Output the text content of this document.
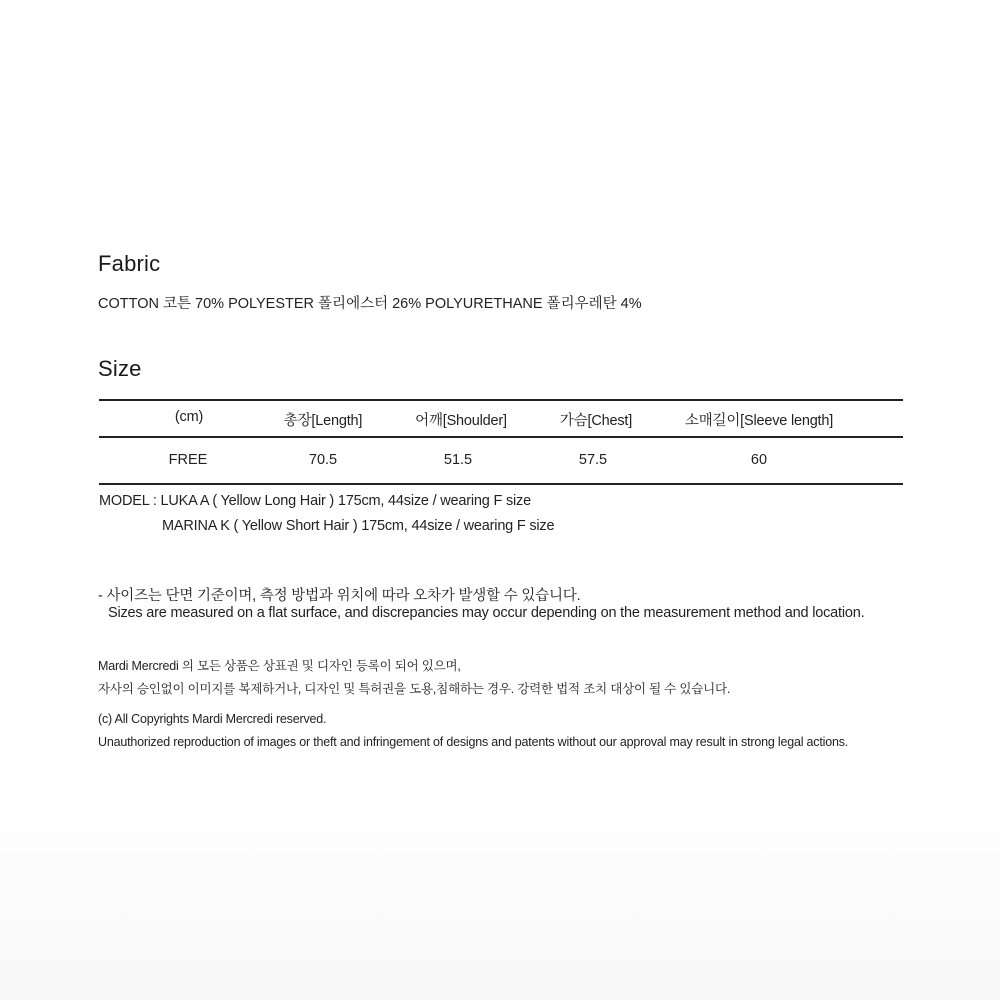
Fabric
COTTON 코튼 70% POLYESTER 폴리에스터 26% POLYURETHANE 폴리우레탄 4%
Size
(cm)	총장[Length]	어깨[Shoulder]	가슴[Chest]	소매길이[Sleeve length]
FREE	70.5	51.5	57.5	60
MODEL : LUKA A ( Yellow Long Hair ) 175cm, 44size / wearing F size
MARINA K ( Yellow Short Hair ) 175cm, 44size / wearing F size
- 사이즈는 단면 기준이며, 측정 방법과 위치에 따라 오차가 발생할 수 있습니다.
Sizes are measured on a flat surface, and discrepancies may occur depending on the measurement method and location.
Mardi Mercredi 의 모든 상품은 상표권 및 디자인 등록이 되어 있으며,
자사의 승인없이 이미지를 복제하거나, 디자인 및 특허권을 도용,침해하는 경우. 강력한 법적 조치 대상이 될 수 있습니다.
(c) All Copyrights Mardi Mercredi reserved.
Unauthorized reproduction of images or theft and infringement of designs and patents without our approval may result in strong legal actions.
